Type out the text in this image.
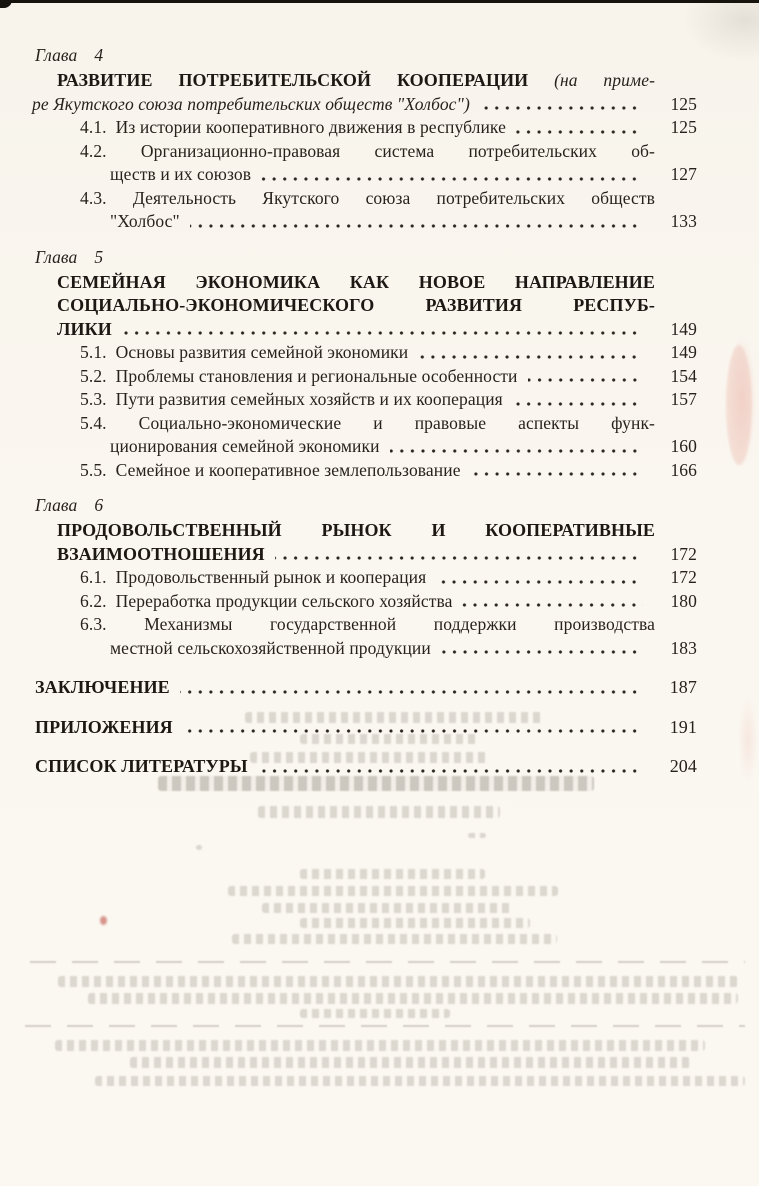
Глава 4
РАЗВИТИЕ ПОТРЕБИТЕЛЬСКОЙ КООПЕРАЦИИ (на приме-
ре Якутского союза потребительских обществ "Холбос")	125
4.1. Из истории кооперативного движения в республике	125
4.2. Организационно-правовая система потребительских об-
ществ и их союзов	127
4.3. Деятельность Якутского союза потребительских обществ
"Холбос"	133
Глава 5
СЕМЕЙНАЯ ЭКОНОМИКА КАК НОВОЕ НАПРАВЛЕНИЕ
СОЦИАЛЬНО-ЭКОНОМИЧЕСКОГО РАЗВИТИЯ РЕСПУБ-
ЛИКИ	149
5.1. Основы развития семейной экономики	149
5.2. Проблемы становления и региональные особенности	154
5.3. Пути развития семейных хозяйств и их кооперация	157
5.4. Социально-экономические и правовые аспекты функ-
ционирования семейной экономики	160
5.5. Семейное и кооперативное землепользование	166
Глава 6
ПРОДОВОЛЬСТВЕННЫЙ РЫНОК И КООПЕРАТИВНЫЕ
ВЗАИМООТНОШЕНИЯ	172
6.1. Продовольственный рынок и кооперация	172
6.2. Переработка продукции сельского хозяйства	180
6.3. Механизмы государственной поддержки производства
местной сельскохозяйственной продукции	183
ЗАКЛЮЧЕНИЕ	187
ПРИЛОЖЕНИЯ	191
СПИСОК ЛИТЕРАТУРЫ	204
